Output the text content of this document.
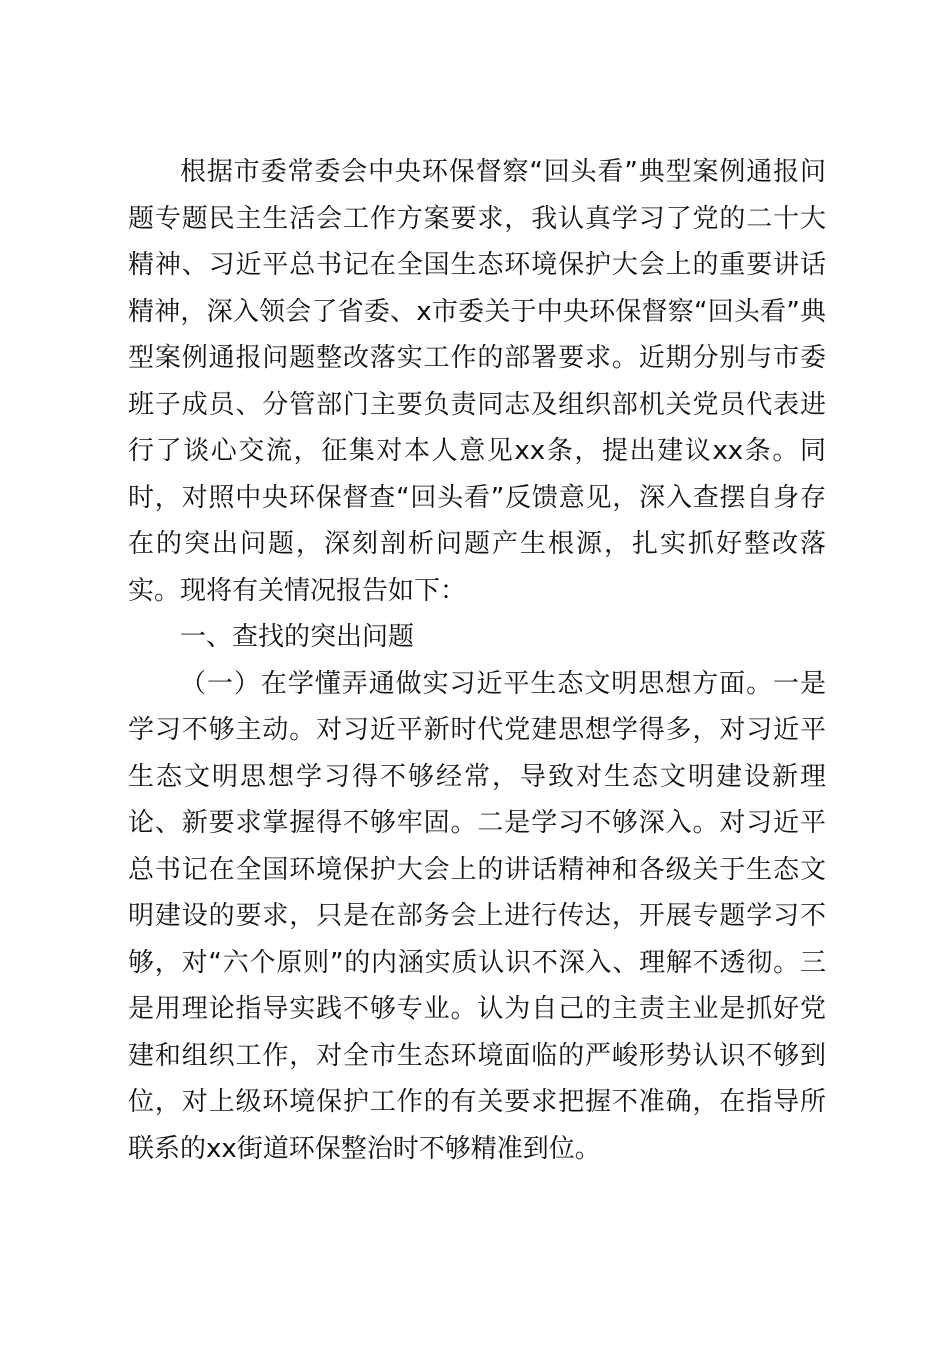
根据市委常委会中央环保督察“回头看”典型案例通报问题专题民主生活会工作方案要求，我认真学习了党的二十大精神、习近平总书记在全国生态环境保护大会上的重要讲话精神，深入领会了省委、x市委关于中央环保督察“回头看”典型案例通报问题整改落实工作的部署要求。近期分别与市委班子成员、分管部门主要负责同志及组织部机关党员代表进行了谈心交流，征集对本人意见xx条，提出建议xx条。同时，对照中央环保督查“回头看”反馈意见，深入查摆自身存在的突出问题，深刻剖析问题产生根源，扎实抓好整改落实。现将有关情况报告如下：

一、查找的突出问题

（一）在学懂弄通做实习近平生态文明思想方面。一是学习不够主动。对习近平新时代党建思想学得多，对习近平生态文明思想学习得不够经常，导致对生态文明建设新理论、新要求掌握得不够牢固。二是学习不够深入。对习近平总书记在全国环境保护大会上的讲话精神和各级关于生态文明建设的要求，只是在部务会上进行传达，开展专题学习不够，对“六个原则”的内涵实质认识不深入、理解不透彻。三是用理论指导实践不够专业。认为自己的主责主业是抓好党建和组织工作，对全市生态环境面临的严峻形势认识不够到位，对上级环境保护工作的有关要求把握不准确，在指导所联系的xx街道环保整治时不够精准到位。
